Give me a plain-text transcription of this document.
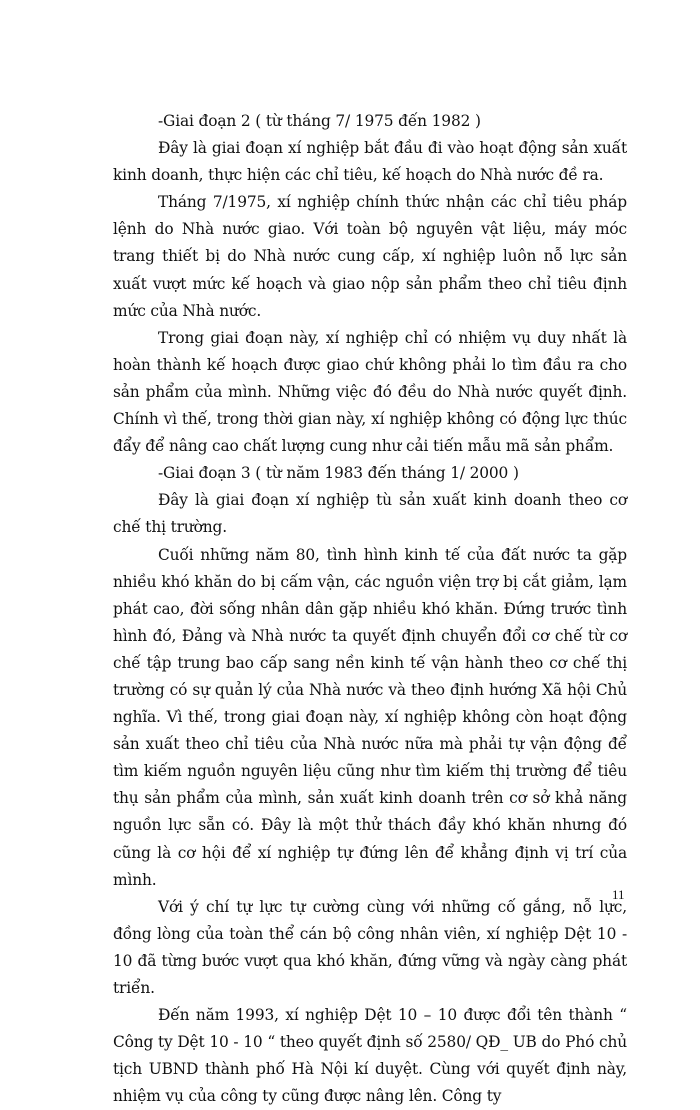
-Giai đoạn 2 ( từ tháng 7/ 1975 đến 1982 )

Đây là giai đoạn xí nghiệp bắt đầu đi vào hoạt động sản xuất kinh doanh, thực hiện các chỉ tiêu, kế hoạch do Nhà nước đề ra.

Tháng 7/1975, xí nghiệp chính thức nhận các chỉ tiêu pháp lệnh do Nhà nước giao. Với toàn bộ nguyên vật liệu, máy móc trang thiết bị do Nhà nước cung cấp, xí nghiệp luôn nỗ lực sản xuất vượt mức kế hoạch và giao nộp sản phẩm theo chỉ tiêu định mức của Nhà nước.

Trong giai đoạn này, xí nghiệp chỉ có nhiệm vụ duy nhất là hoàn thành kế hoạch được giao chứ không phải lo tìm đầu ra cho sản phẩm của mình. Những việc đó đều do Nhà nước quyết định. Chính vì thế, trong thời gian này, xí nghiệp không có động lực thúc đẩy để nâng cao chất lượng cung như cải tiến mẫu mã sản phẩm.

-Giai đoạn 3 ( từ năm 1983 đến tháng 1/ 2000 )

Đây là giai đoạn xí nghiệp tù sản xuất kinh doanh theo cơ chế thị trường.

Cuối những năm 80, tình hình kinh tế của đất nước ta gặp nhiều khó khăn do bị cấm vận, các nguồn viện trợ bị cắt giảm, lạm phát cao, đời sống nhân dân gặp nhiều khó khăn. Đứng trước tình hình đó, Đảng và Nhà nước ta quyết định chuyển đổi cơ chế từ cơ chế tập trung bao cấp sang nền kinh tế vận hành theo cơ chế thị trường có sự quản lý của Nhà nước và theo định hướng Xã hội Chủ nghĩa. Vì thế, trong giai đoạn này, xí nghiệp không còn hoạt động sản xuất theo chỉ tiêu của Nhà nước nữa mà phải tự vận động để tìm kiếm nguồn nguyên liệu cũng như tìm kiếm thị trường để tiêu thụ sản phẩm của mình, sản xuất kinh doanh trên cơ sở khả năng nguồn lực sẵn có. Đây là một thử thách đầy khó khăn nhưng đó cũng là cơ hội để xí nghiệp tự đứng lên để khẳng định vị trí của mình.

Với ý chí tự lực tự cường cùng với những cố gắng, nỗ lực, đồng lòng của toàn thể cán bộ công nhân viên, xí nghiệp Dệt 10 - 10 đã từng bước vượt qua khó khăn, đứng vững và ngày càng phát triển.

Đến năm 1993, xí nghiệp Dệt 10 – 10 được đổi tên thành “ Công ty Dệt 10 - 10 “ theo quyết định số 2580/ QĐ_ UB do Phó chủ tịch UBND thành phố Hà Nội kí duyệt. Cùng với quyết định này, nhiệm vụ của công ty cũng được nâng lên. Công ty

11
